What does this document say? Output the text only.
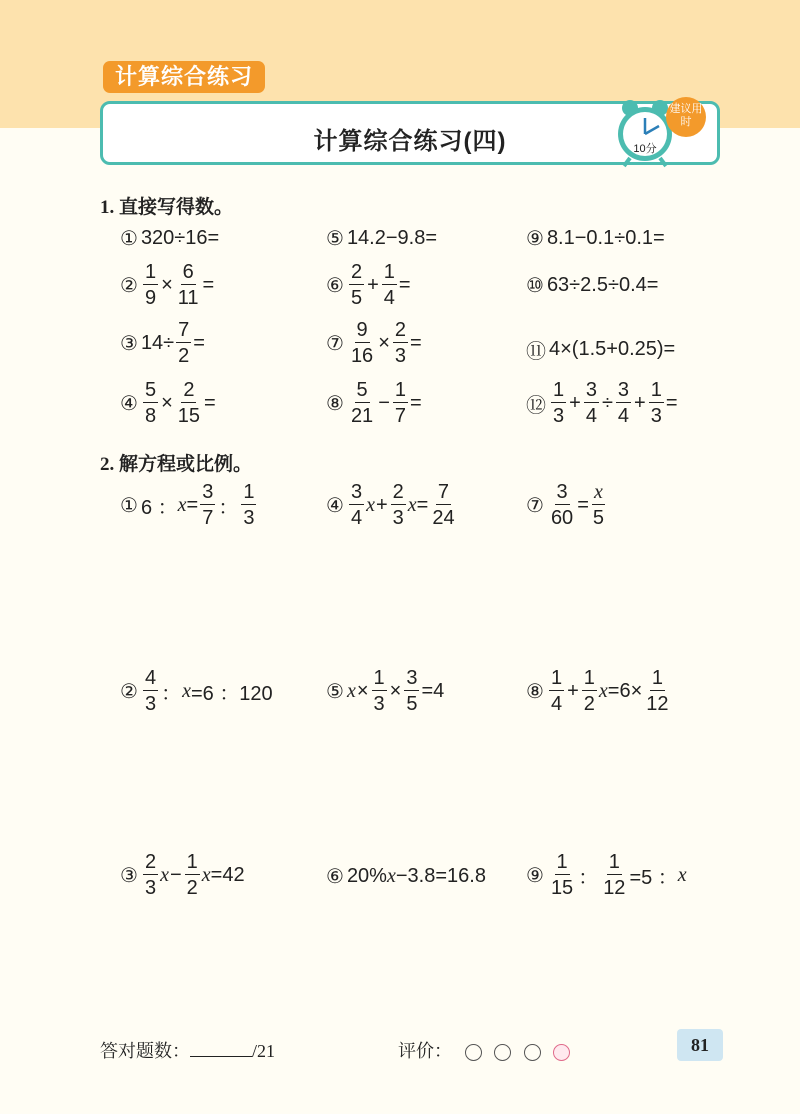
计算综合练习
计算综合练习(四)	10分
建议用时
1. 直接写得数。
① 320÷16=
② $\frac{1}{9} \times \frac{6}{11}$ =
③ $14\div \frac{7}{2}$ =
④ $\frac{5}{8} \times \frac{2}{15}$ =
⑤ 14.2−9.8=
⑥ $\frac{2}{5} + \frac{1}{4}$ =
⑦ $\frac{9}{16} \times \frac{2}{3}$ =
⑧ $\frac{5}{21} - \frac{1}{7}$ =
⑨ 8.1−0.1÷0.1=
⑩ 63÷2.5÷0.4=
⑪ 4×(1.5+0.25)=
⑫ $\frac{1}{3} + \frac{3}{4} \div \frac{3}{4} + \frac{1}{3}$ =
2. 解方程或比例。
① 6 ： $x = \frac{3}{7}$ ： $\frac{1}{3}$	④ $\frac{3}{4}$ $x + \frac{2}{3}$ $x = \frac{7}{24}$	⑦ $\frac{3}{60} = \frac{x}{5}$
② $\frac{4}{3}$ ： x =6 ：120	⑤ $x \times \frac{1}{3} \times \frac{3}{5} =4$	⑧ $\frac{1}{4} + \frac{1}{2}$ $x =6\times \frac{1}{12}$
③ $\frac{2}{3}$ $x - \frac{1}{2}$ x =42	⑥ 20% x −3.8=16.8 ⑨ $\frac{1}{15}$ ： $\frac{1}{12} =5$ ： x
答对题数：	/21	评价：	81
